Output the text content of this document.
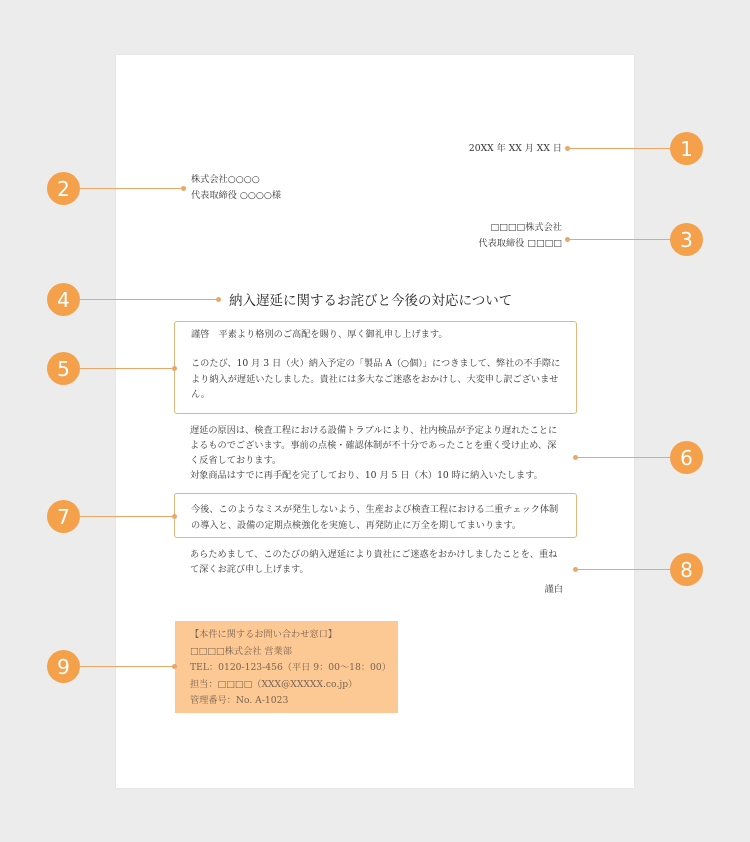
20XX 年 XX 月 XX 日
株式会社○○○○
代表取締役 ○○○○様
□□□□株式会社
代表取締役 □□□□
納入遅延に関するお詫びと今後の対応について
謹啓　平素より格別のご高配を賜り、厚く御礼申し上げます。
このたび、10 月 3 日（火）納入予定の「製品 A（○個）」につきまして、弊社の不手際により納入が遅延いたしました。貴社には多大なご迷惑をおかけし、大変申し訳ございません。
遅延の原因は、検査工程における設備トラブルにより、社内検品が予定より遅れたことによるものでございます。事前の点検・確認体制が不十分であったことを重く受け止め、深く反省しております。
対象商品はすでに再手配を完了しており、10 月 5 日（木）10 時に納入いたします。
今後、このようなミスが発生しないよう、生産および検査工程における二重チェック体制の導入と、設備の定期点検強化を実施し、再発防止に万全を期してまいります。
あらためまして、このたびの納入遅延により貴社にご迷惑をおかけしましたことを、重ねて深くお詫び申し上げます。
謹白
【本件に関するお問い合わせ窓口】
□□□□株式会社 営業部
TEL：0120-123-456（平日 9：00〜18：00）
担当：□□□□（XXX@XXXXX.co.jp）
管理番号：No. A-1023
1
2
3
4
5
6
7
8
9
